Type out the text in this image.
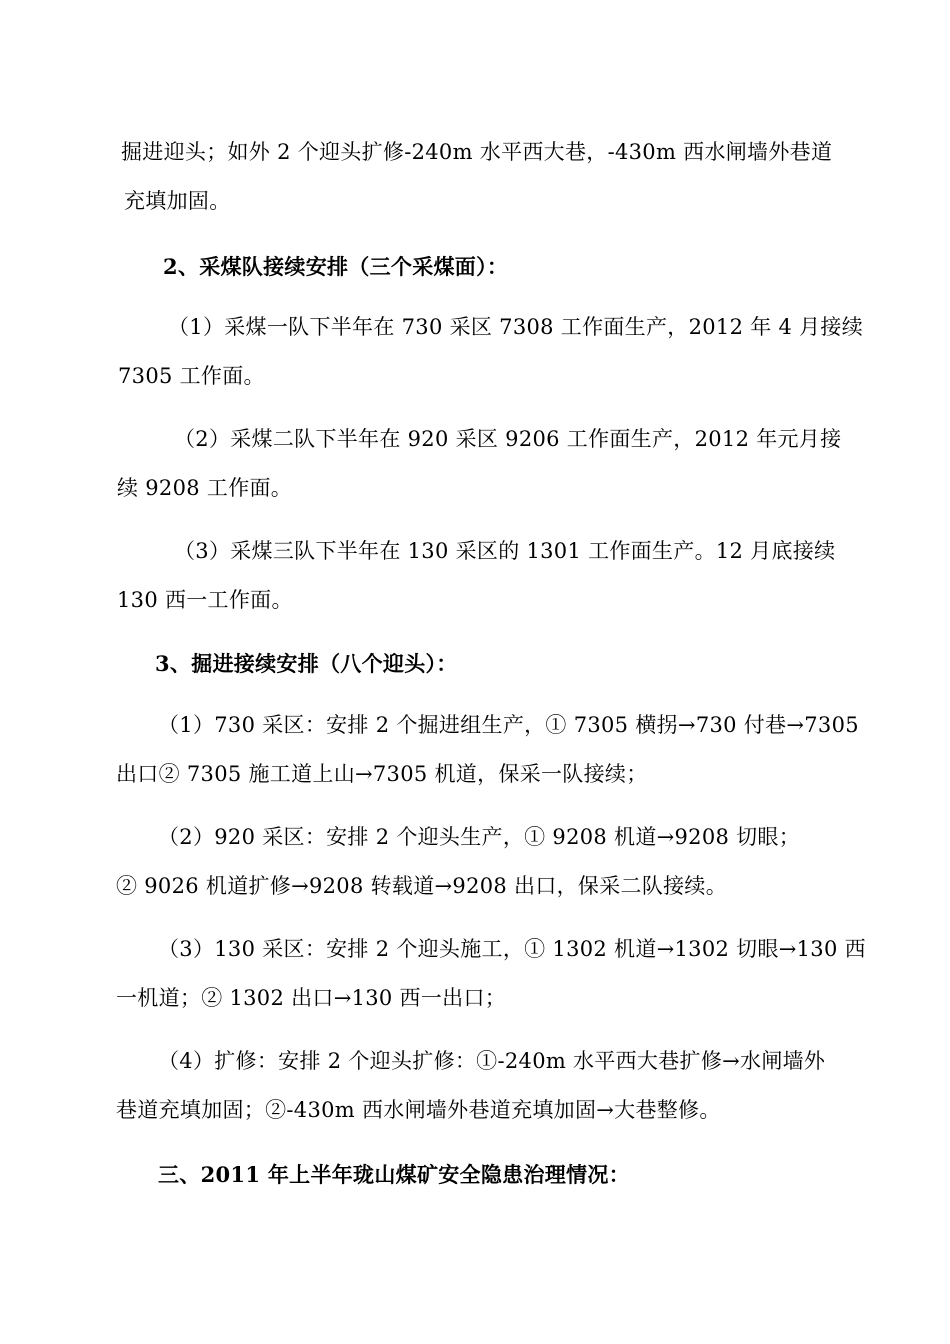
掘进迎头；如外 2 个迎头扩修-240m 水平西大巷，-430m 西水闸墙外巷道
充填加固。
2、采煤队接续安排（三个采煤面）：
（1）采煤一队下半年在 730 采区 7308 工作面生产，2012 年 4 月接续
7305 工作面。
（2）采煤二队下半年在 920 采区 9206 工作面生产，2012 年元月接
续 9208 工作面。
（3）采煤三队下半年在 130 采区的 1301 工作面生产。12 月底接续
130 西一工作面。
3、掘进接续安排（八个迎头）：
（1）730 采区：安排 2 个掘进组生产，① 7305 横拐→730 付巷→7305
出口② 7305 施工道上山→7305 机道，保采一队接续；
（2）920 采区：安排 2 个迎头生产，① 9208 机道→9208 切眼；
② 9026 机道扩修→9208 转载道→9208 出口，保采二队接续。
（3）130 采区：安排 2 个迎头施工，① 1302 机道→1302 切眼→130 西
一机道；② 1302 出口→130 西一出口；
（4）扩修：安排 2 个迎头扩修：①-240m 水平西大巷扩修→水闸墙外
巷道充填加固；②-430m 西水闸墙外巷道充填加固→大巷整修。
三、2011 年上半年珑山煤矿安全隐患治理情况：
